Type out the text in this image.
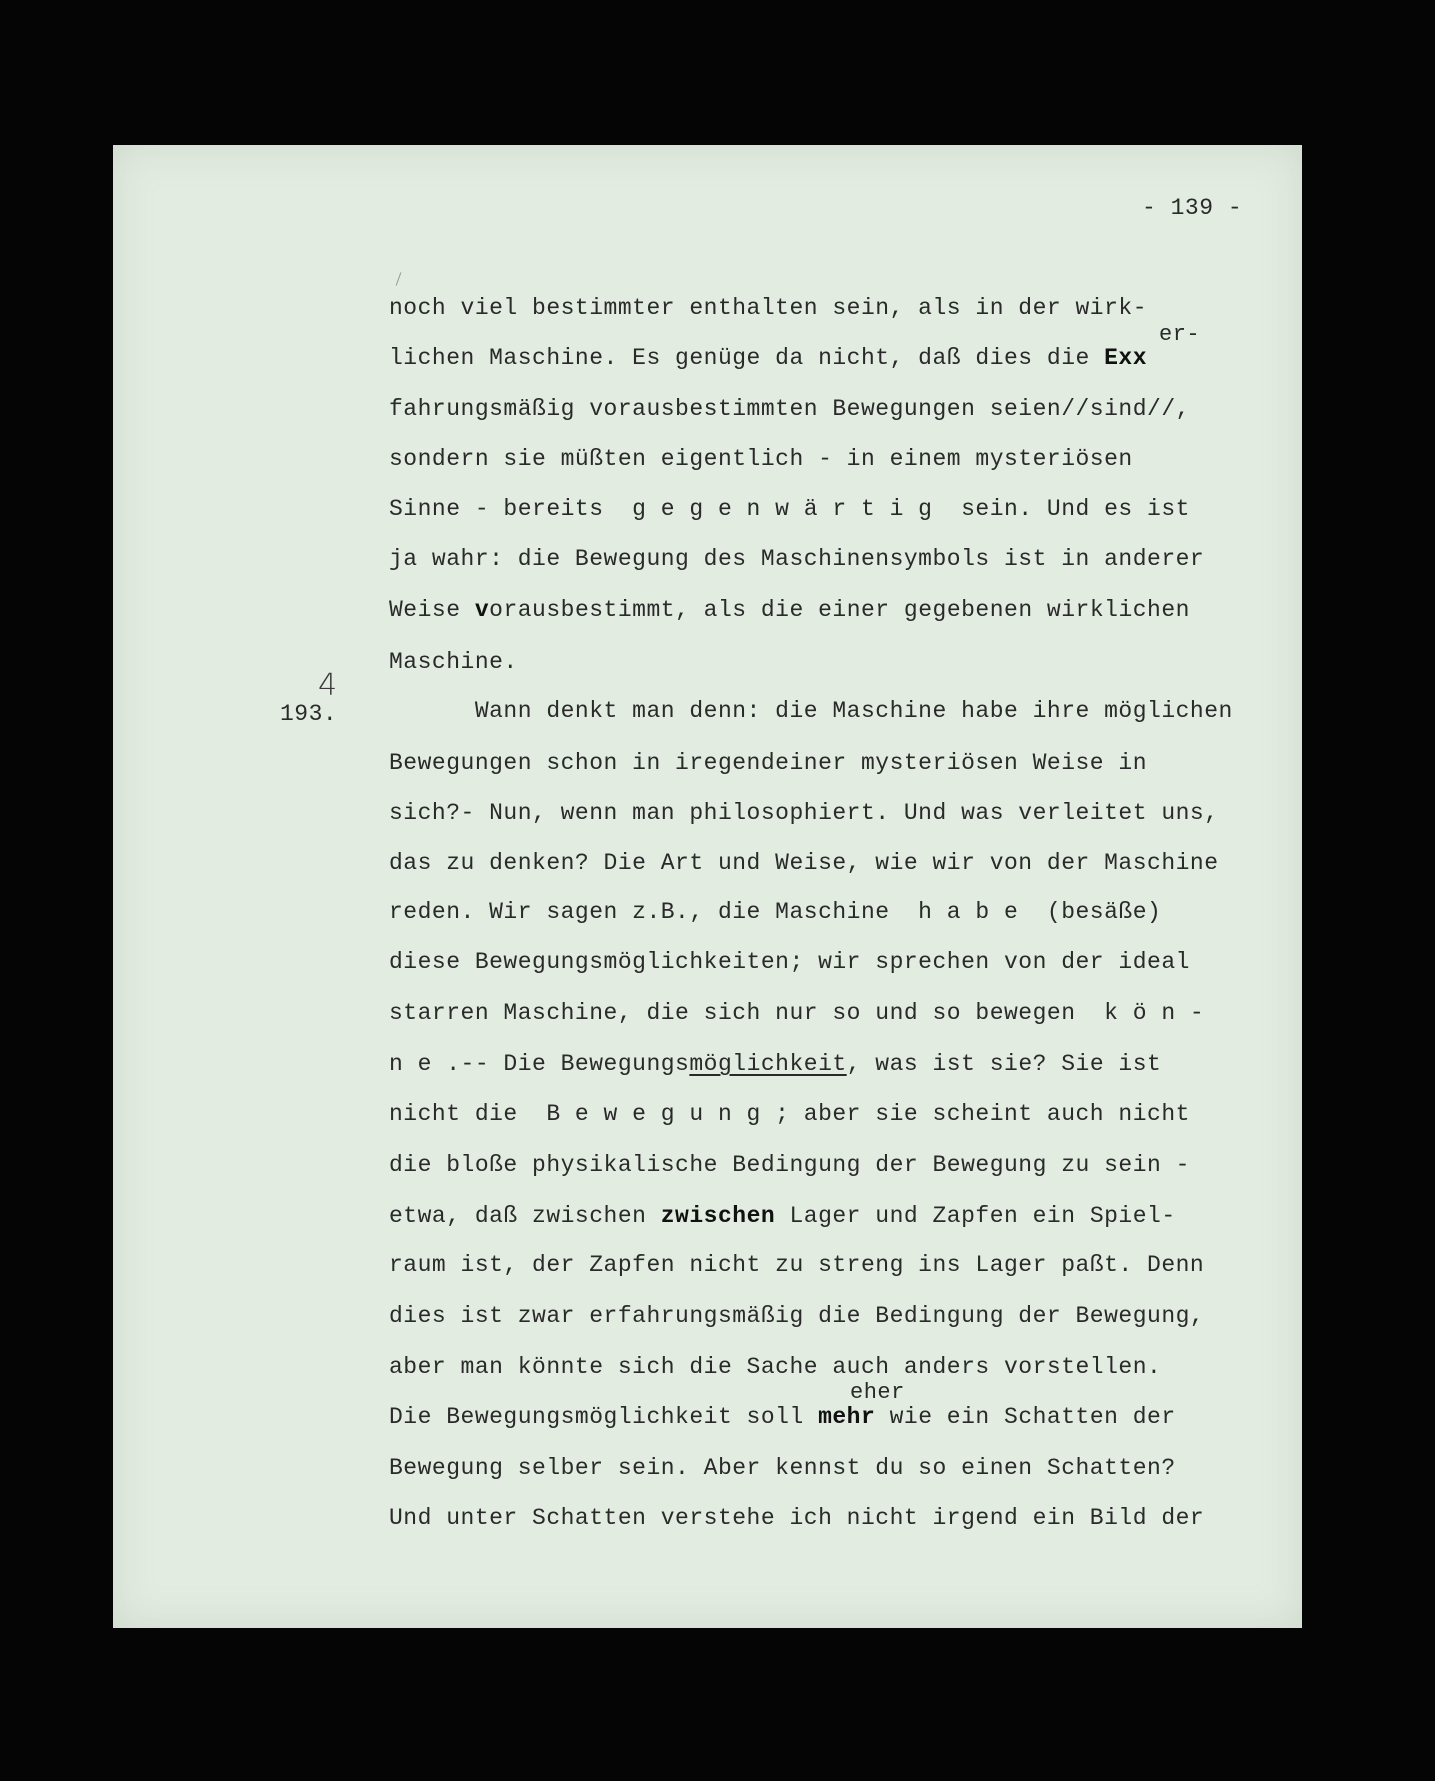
- 139 -
193.
4
er-
eher
noch viel bestimmter enthalten sein, als in der wirk-
lichen Maschine. Es genüge da nicht, daß dies die Exx
fahrungsmäßig vorausbestimmten Bewegungen seien//sind//,
sondern sie müßten eigentlich - in einem mysteriösen
Sinne - bereits  g e g e n w ä r t i g  sein. Und es ist
ja wahr: die Bewegung des Maschinensymbols ist in anderer
Weise vorausbestimmt, als die einer gegebenen wirklichen
Maschine.
Wann denkt man denn: die Maschine habe ihre möglichen
Bewegungen schon in iregendeiner mysteriösen Weise in
sich?- Nun, wenn man philosophiert. Und was verleitet uns,
das zu denken? Die Art und Weise, wie wir von der Maschine
reden. Wir sagen z.B., die Maschine  h a b e  (besäße)
diese Bewegungsmöglichkeiten; wir sprechen von der ideal
starren Maschine, die sich nur so und so bewegen  k ö n -
n e .-- Die Bewegungsmöglichkeit, was ist sie? Sie ist
nicht die  B e w e g u n g ; aber sie scheint auch nicht
die bloße physikalische Bedingung der Bewegung zu sein -
etwa, daß zwischen zwischen Lager und Zapfen ein Spiel-
raum ist, der Zapfen nicht zu streng ins Lager paßt. Denn
dies ist zwar erfahrungsmäßig die Bedingung der Bewegung,
aber man könnte sich die Sache auch anders vorstellen.
Die Bewegungsmöglichkeit soll mehr wie ein Schatten der
Bewegung selber sein. Aber kennst du so einen Schatten?
Und unter Schatten verstehe ich nicht irgend ein Bild der
